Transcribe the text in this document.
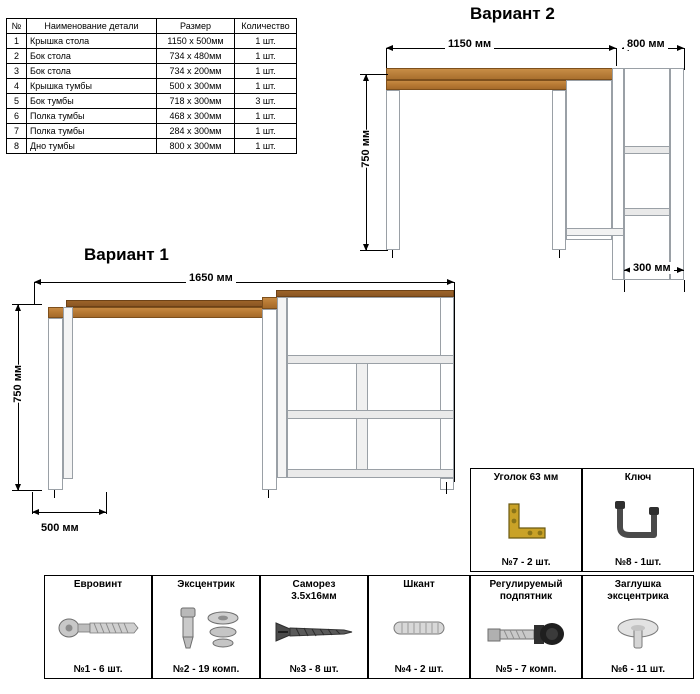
№	Наименование детали	Размер	Количество
1	Крышка стола	1150 x 500мм	1 шт.
2	Бок стола	734 x 480мм	1 шт.
3	Бок стола	734 x 200мм	1 шт.
4	Крышка тумбы	500 x 300мм	1 шт.
5	Бок тумбы	718 x 300мм	3 шт.
6	Полка тумбы	468 x 300мм	1 шт.
7	Полка тумбы	284 x 300мм	1 шт.
8	Дно тумбы	800 x 300мм	1 шт.
Вариант 2
1150 мм	800 мм
750 мм
300 мм
Вариант 1
1650 мм
750 мм
500 мм
Уголок 63 мм
№7 - 2 шт.
Ключ
№8 - 1шт.
Евровинт
№1 - 6 шт.
Эксцентрик
№2 - 19 комп.
Саморез
3.5x16мм
№3 - 8 шт.
Шкант
№4 - 2 шт.
Регулируемый
подпятник
№5 - 7 комп.
Заглушка
эксцентрика
№6 - 11 шт.
